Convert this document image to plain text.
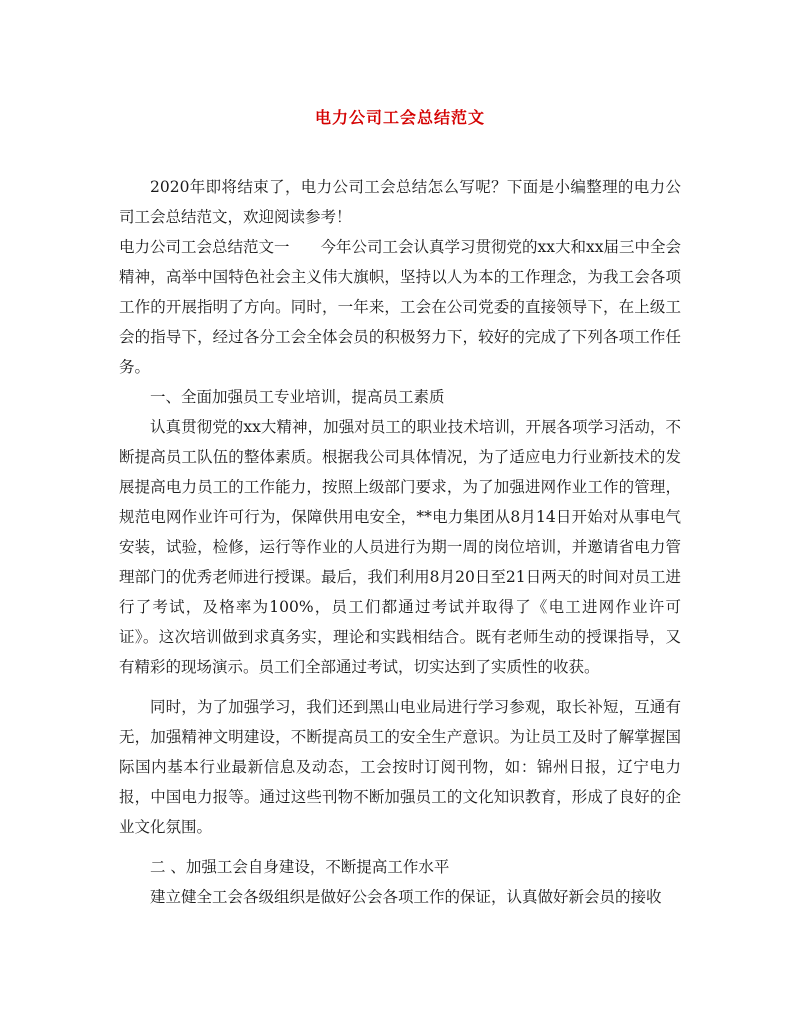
电力公司工会总结范文

2020年即将结束了，电力公司工会总结怎么写呢？下面是小编整理的电力公司工会总结范文，欢迎阅读参考！

电力公司工会总结范文一　　今年公司工会认真学习贯彻党的xx大和xx届三中全会精神，高举中国特色社会主义伟大旗帜，坚持以人为本的工作理念，为我工会各项工作的开展指明了方向。同时，一年来，工会在公司党委的直接领导下，在上级工会的指导下，经过各分工会全体会员的积极努力下，较好的完成了下列各项工作任务。

一、全面加强员工专业培训，提高员工素质

认真贯彻党的xx大精神，加强对员工的职业技术培训，开展各项学习活动，不断提高员工队伍的整体素质。根据我公司具体情况，为了适应电力行业新技术的发展提高电力员工的工作能力，按照上级部门要求，为了加强进网作业工作的管理，规范电网作业许可行为，保障供用电安全，**电力集团从8月14日开始对从事电气安装，试验，检修，运行等作业的人员进行为期一周的岗位培训，并邀请省电力管理部门的优秀老师进行授课。最后，我们利用8月20日至21日两天的时间对员工进行了考试，及格率为100%，员工们都通过考试并取得了《电工进网作业许可证》。这次培训做到求真务实，理论和实践相结合。既有老师生动的授课指导，又有精彩的现场演示。员工们全部通过考试，切实达到了实质性的收获。

同时，为了加强学习，我们还到黑山电业局进行学习参观，取长补短，互通有无，加强精神文明建设，不断提高员工的安全生产意识。为让员工及时了解掌握国际国内基本行业最新信息及动态，工会按时订阅刊物，如：锦州日报，辽宁电力报，中国电力报等。通过这些刊物不断加强员工的文化知识教育，形成了良好的企业文化氛围。

二 、加强工会自身建设，不断提高工作水平

建立健全工会各级组织是做好公会各项工作的保证，认真做好新会员的接收
